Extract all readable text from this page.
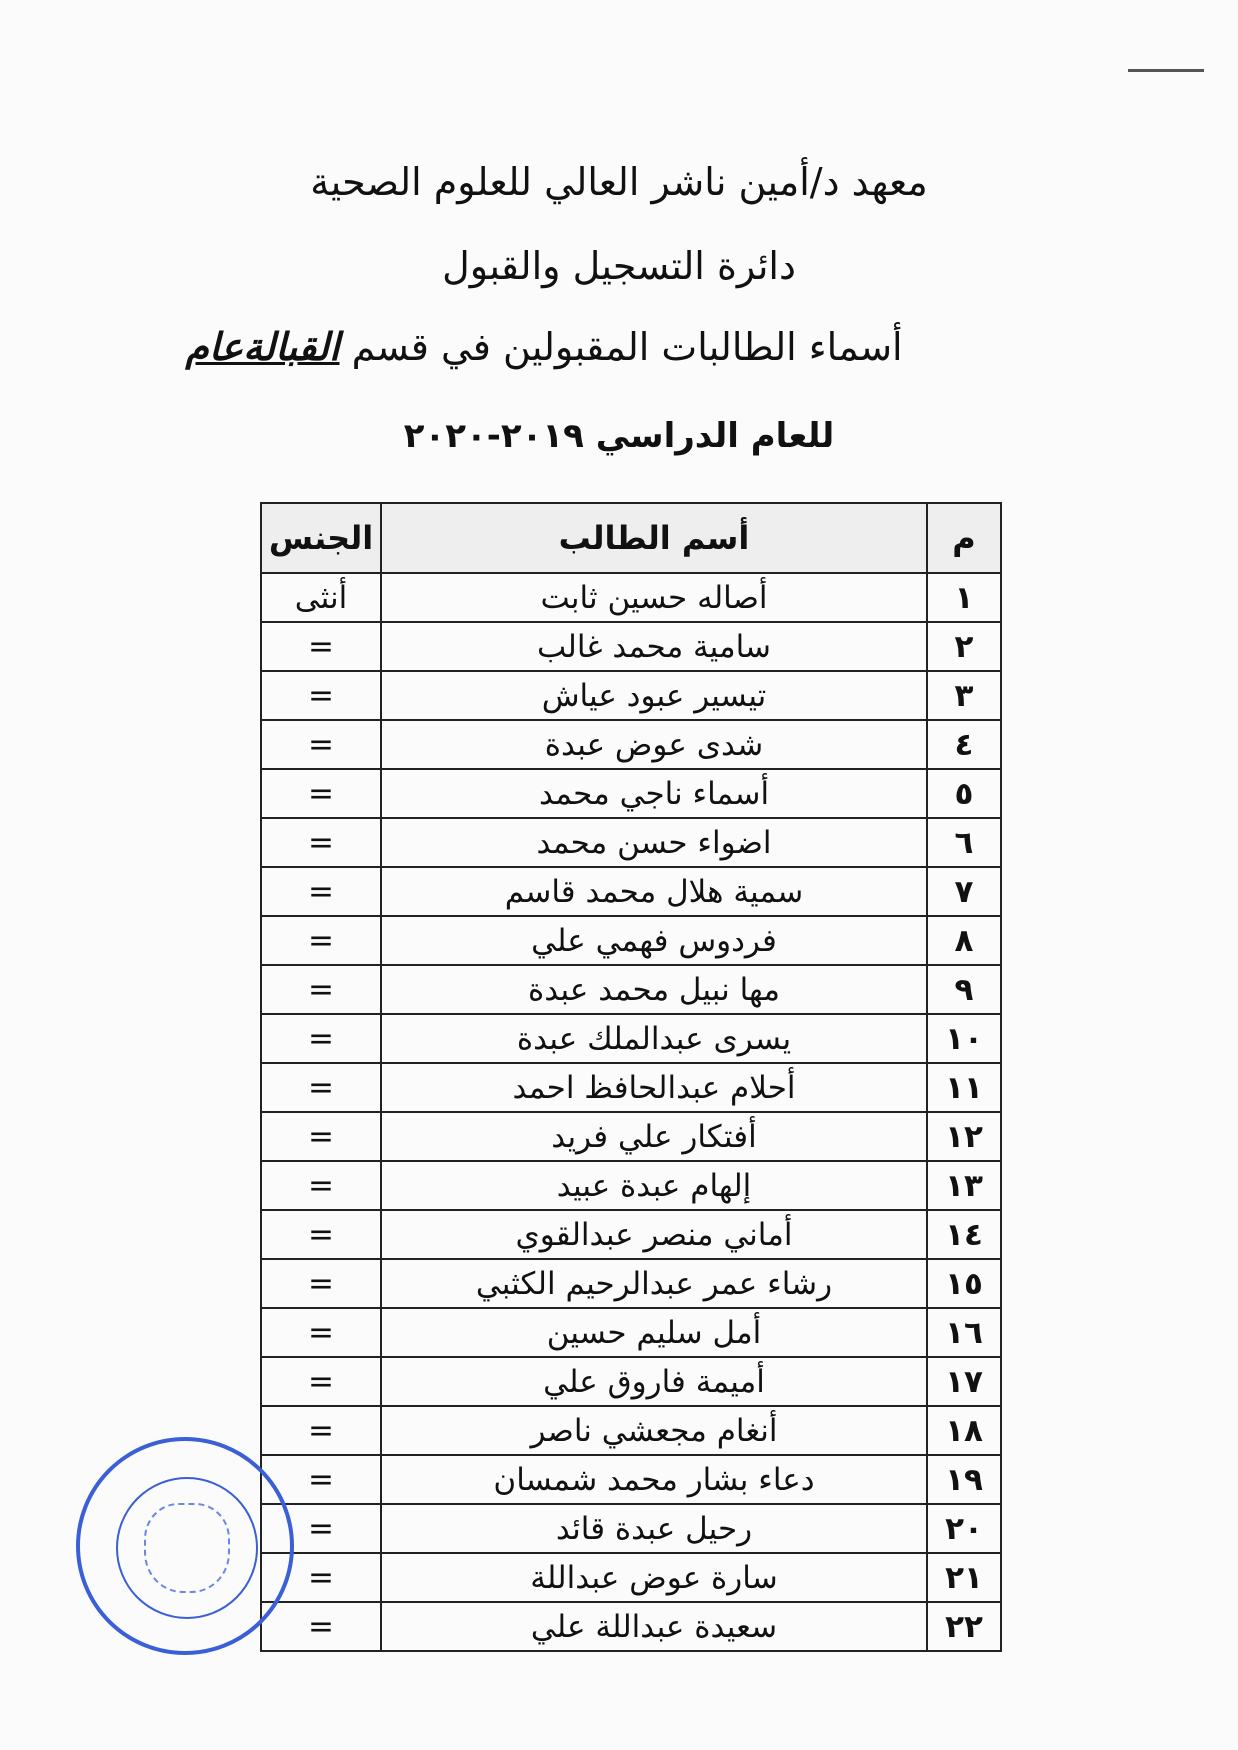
معهد د/أمين ناشر العالي للعلوم الصحية
دائرة التسجيل والقبول
أسماء الطالبات المقبولين في قسم القبالةعام
للعام الدراسي ٢٠١٩-٢٠٢٠
م	أسم الطالب	الجنس
١	أصاله حسين ثابت	أنثى
٢	سامية محمد غالب	=
٣	تيسير عبود عياش	=
٤	شدى عوض عبدة	=
٥	أسماء ناجي محمد	=
٦	اضواء حسن محمد	=
٧	سمية هلال محمد قاسم	=
٨	فردوس فهمي علي	=
٩	مها نبيل محمد عبدة	=
١٠	يسرى عبدالملك عبدة	=
١١	أحلام عبدالحافظ احمد	=
١٢	أفتكار علي فريد	=
١٣	إلهام عبدة عبيد	=
١٤	أماني منصر عبدالقوي	=
١٥	رشاء عمر عبدالرحيم الكثبي	=
١٦	أمل سليم حسين	=
١٧	أميمة فاروق علي	=
١٨	أنغام مجعشي ناصر	=
١٩	دعاء بشار محمد شمسان	=
٢٠	رحيل عبدة قائد	=
٢١	سارة عوض عبداللة	=
٢٢	سعيدة عبداللة علي	=
